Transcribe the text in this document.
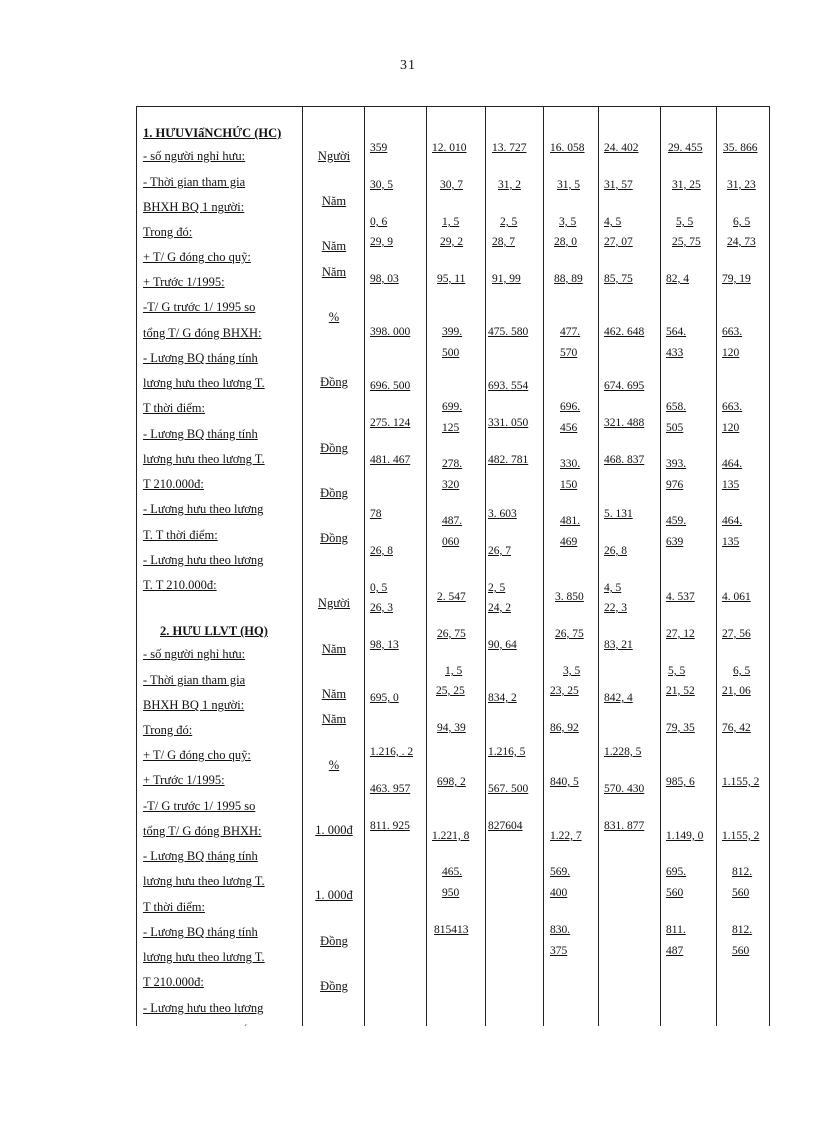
31
1. HƯUVIấNCHỨC (HC)
- số người nghỉ hưu:
- Thời gian tham gia
BHXH BQ 1 người:
Trong đó:
+ T/ G đóng cho quỹ:
+ Trước 1/1995:
-T/ G trước 1/ 1995 so
tổng T/ G đóng BHXH:
- Lương BQ tháng tính
lương hưu theo lương T.
T thời điểm:
- Lương BQ tháng tính
lương hưu theo lương T.
T 210.000đ:
- Lương hưu theo lương
T. T thời điểm:
- Lương hưu theo lương
T. T 210.000đ:
2. HƯU LLVT (HQ)
- số người nghỉ hưu:
- Thời gian tham gia
BHXH BQ 1 người:
Trong đó:
+ T/ G đóng cho quỹ:
+ Trước 1/1995:
-T/ G trước 1/ 1995 so
tổng T/ G đóng BHXH:
- Lương BQ tháng tính
lương hưu theo lương T.
T thời điểm:
- Lương BQ tháng tính
lương hưu theo lương T.
T 210.000đ:
- Lương hưu theo lương
ˊ
Người
Năm
Năm
Năm
%
Đồng
Đồng
Đồng
Đồng
Người
Năm
Năm
Năm
%
1. 000đ
1. 000đ
Đồng
Đồng
359
30, 5
0, 6
29, 9
98, 03
398. 000
696. 500
275. 124
481. 467
78
26, 8
0, 5
26, 3
98, 13
695, 0
1.216, . 2
463. 957
811. 925
12. 010
30, 7
1, 5
29, 2
95, 11
399.
500
699.
125
278.
320
487.
060
2. 547
26, 75
1, 5
25, 25
94, 39
698, 2
1.221, 8
465.
950
815413
13. 727
31, 2
2, 5
28, 7
91, 99
475. 580
693. 554
331. 050
482. 781
3. 603
26, 7
2, 5
24, 2
90, 64
834, 2
1.216, 5
567. 500
827604
16. 058
31, 5
3, 5
28, 0
88, 89
477.
570
696.
456
330.
150
481.
469
3. 850
26, 75
3, 5
23, 25
86, 92
840, 5
1.22, 7
569.
400
830.
375
24. 402
31, 57
4, 5
27, 07
85, 75
462. 648
674. 695
321. 488
468. 837
5. 131
26, 8
4, 5
22, 3
83, 21
842, 4
1.228, 5
570. 430
831. 877
29. 455
31, 25
5, 5
25, 75
82, 4
564.
433
658.
505
393.
976
459.
639
4. 537
27, 12
5, 5
21, 52
79, 35
985, 6
1.149, 0
695.
560
811.
487
35. 866
31, 23
6, 5
24, 73
79, 19
663.
120
663.
120
464.
135
464.
135
4. 061
27, 56
6, 5
21, 06
76, 42
1.155, 2
1.155, 2
812.
560
812.
560
